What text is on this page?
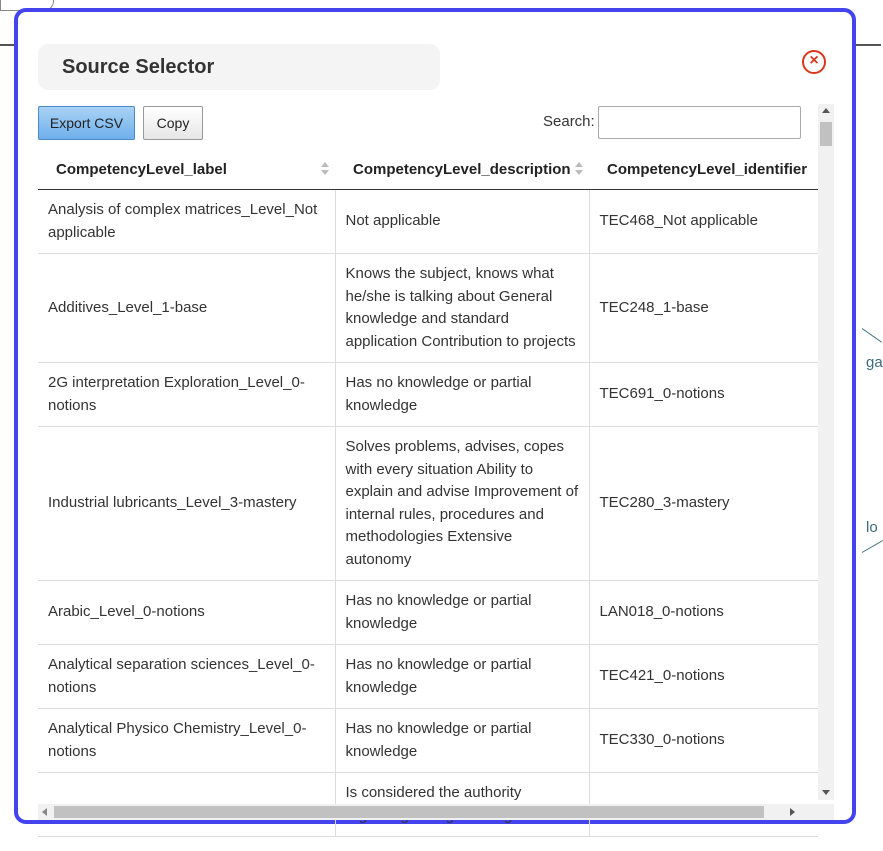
ga
lo
Source Selector	×
Export CSV	Copy	Search:
CompetencyLevel_label	CompetencyLevel_description	CompetencyLevel_identifier
Analysis of complex matrices_Level_Not applicable	Not applicable	TEC468_Not applicable
Additives_Level_1-base	Knows the subject, knows what he/she is talking about General knowledge and standard application Contribution to projects	TEC248_1-base
2G interpretation Exploration_Level_0-notions	Has no knowledge or partial knowledge	TEC691_0-notions
Industrial lubricants_Level_3-mastery	Solves problems, advises, copes with every situation Ability to explain and advise Improvement of internal rules, procedures and methodologies Extensive autonomy	TEC280_3-mastery
Arabic_Level_0-notions	Has no knowledge or partial knowledge	LAN018_0-notions
Analytical separation sciences_Level_0-notions	Has no knowledge or partial knowledge	TEC421_0-notions
Analytical Physico Chemistry_Level_0-notions	Has no knowledge or partial knowledge	TEC330_0-notions
	Is considered the authority	
